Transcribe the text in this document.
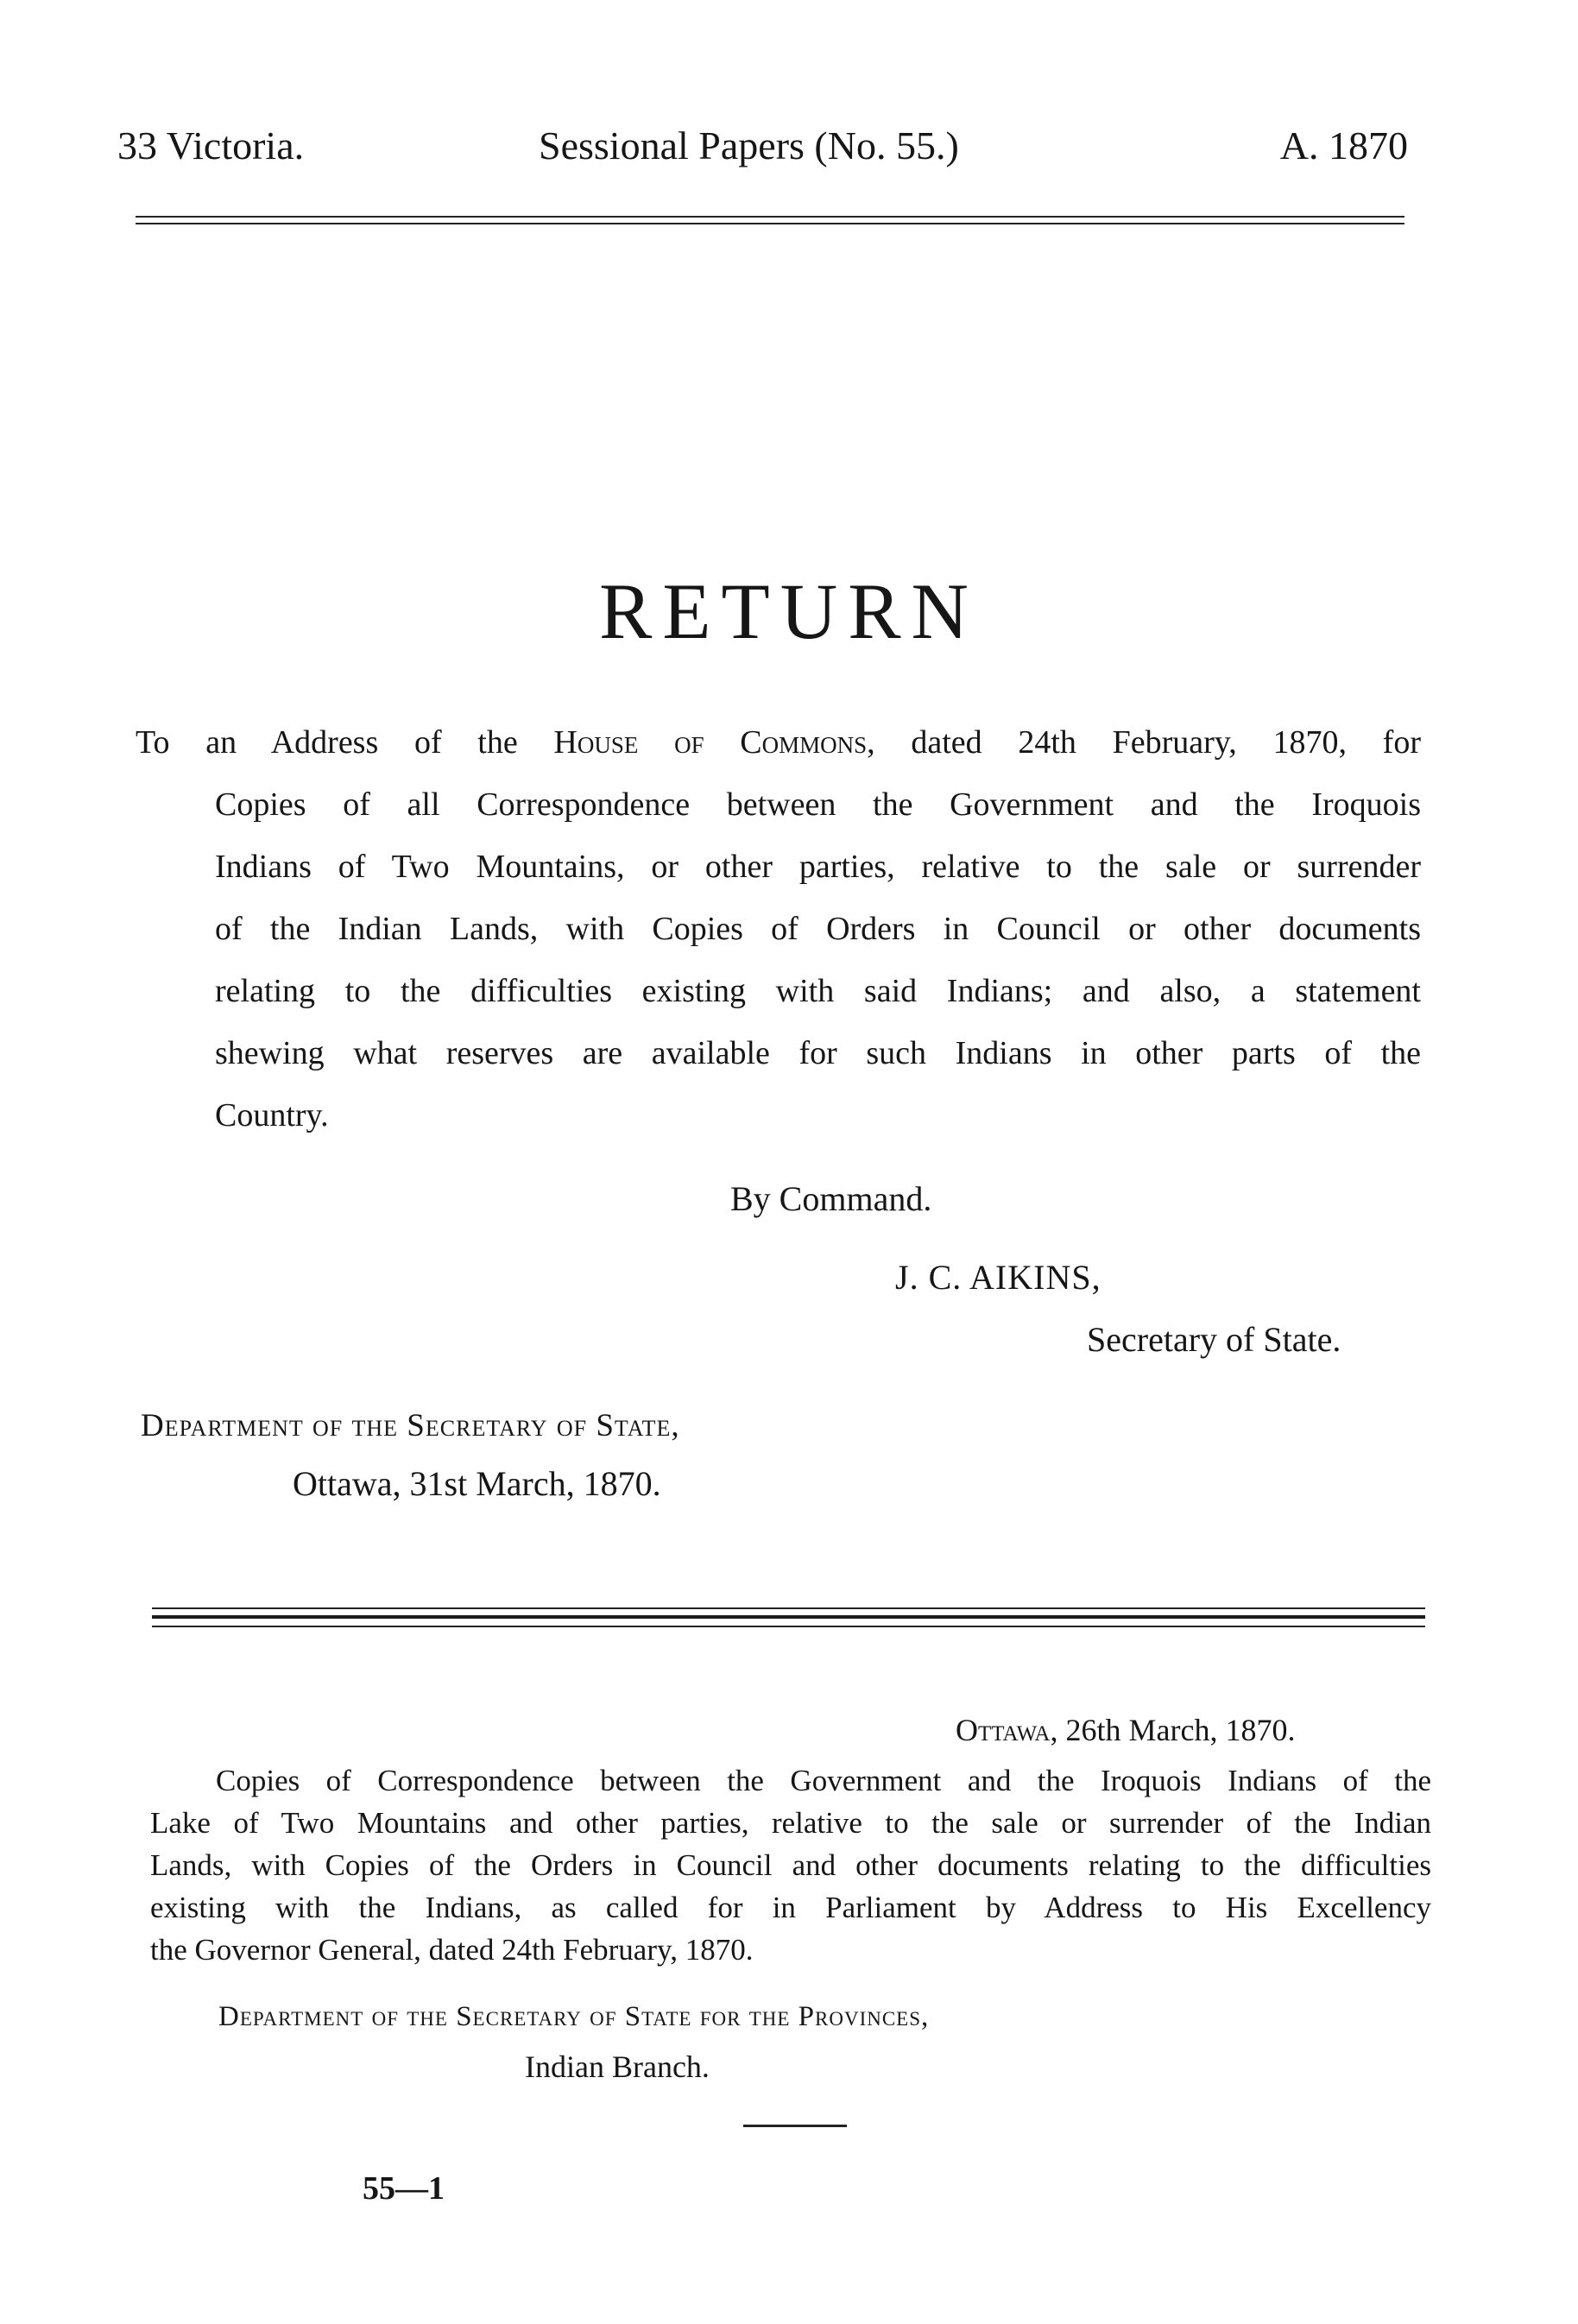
33 Victoria.	Sessional Papers (No. 55.)	A. 1870
RETURN
To an Address of the House of Commons, dated 24th February, 1870, for
Copies of all Correspondence between the Government and the Iroquois
Indians of Two Mountains, or other parties, relative to the sale or surrender
of the Indian Lands, with Copies of Orders in Council or other documents
relating to the difficulties existing with said Indians; and also, a statement
shewing what reserves are available for such Indians in other parts of the
Country.
By Command.
J. C. AIKINS,
Secretary of State.
Department of the Secretary of State,
Ottawa, 31st March, 1870.
Ottawa, 26th March, 1870.
Copies of Correspondence between the Government and the Iroquois Indians of the
Lake of Two Mountains and other parties, relative to the sale or surrender of the Indian
Lands, with Copies of the Orders in Council and other documents relating to the difficulties
existing with the Indians, as called for in Parliament by Address to His Excellency
the Governor General, dated 24th February, 1870.
Department of the Secretary of State for the Provinces,
Indian Branch.
55—1
